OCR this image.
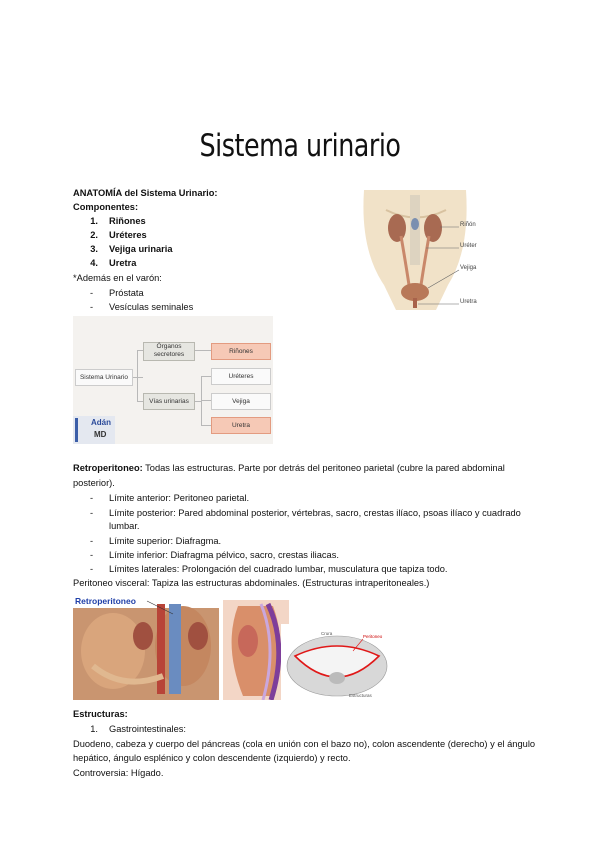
Sistema urinario
ANATOMÍA del Sistema Urinario:
Componentes:
1. Riñones
2. Uréteres
3. Vejiga urinaria
4. Uretra
*Además en el varón:
- Próstata
- Vesículas seminales
Riñón
Uréter
Vejiga
Uretra
Sistema Urinario
Órganos secretores
Vías urinarias
Riñones
Uréteres
Vejiga
Uretra
Adán
MD
Retroperitoneo: Todas las estructuras. Parte por detrás del peritoneo parietal (cubre la pared abdominal
posterior).
- Límite anterior: Peritoneo parietal.
- Límite posterior: Pared abdominal posterior, vértebras, sacro, crestas ilíaco, psoas ilíaco y cuadrado
lumbar.
- Límite superior: Diafragma.
- Límite inferior: Diafragma pélvico, sacro, crestas iliacas.
- Límites laterales: Prolongación del cuadrado lumbar, musculatura que tapiza todo.
Peritoneo visceral: Tapiza las estructuras abdominales. (Estructuras intraperitoneales.)
Retroperitoneo
Crura
Peritoneo
Estructuras
Estructuras:
1. Gastrointestinales:
Duodeno, cabeza y cuerpo del páncreas (cola en unión con el bazo no), colon ascendente (derecho) y el ángulo
hepático, ángulo esplénico y colon descendente (izquierdo) y recto.
Controversia: Hígado.
